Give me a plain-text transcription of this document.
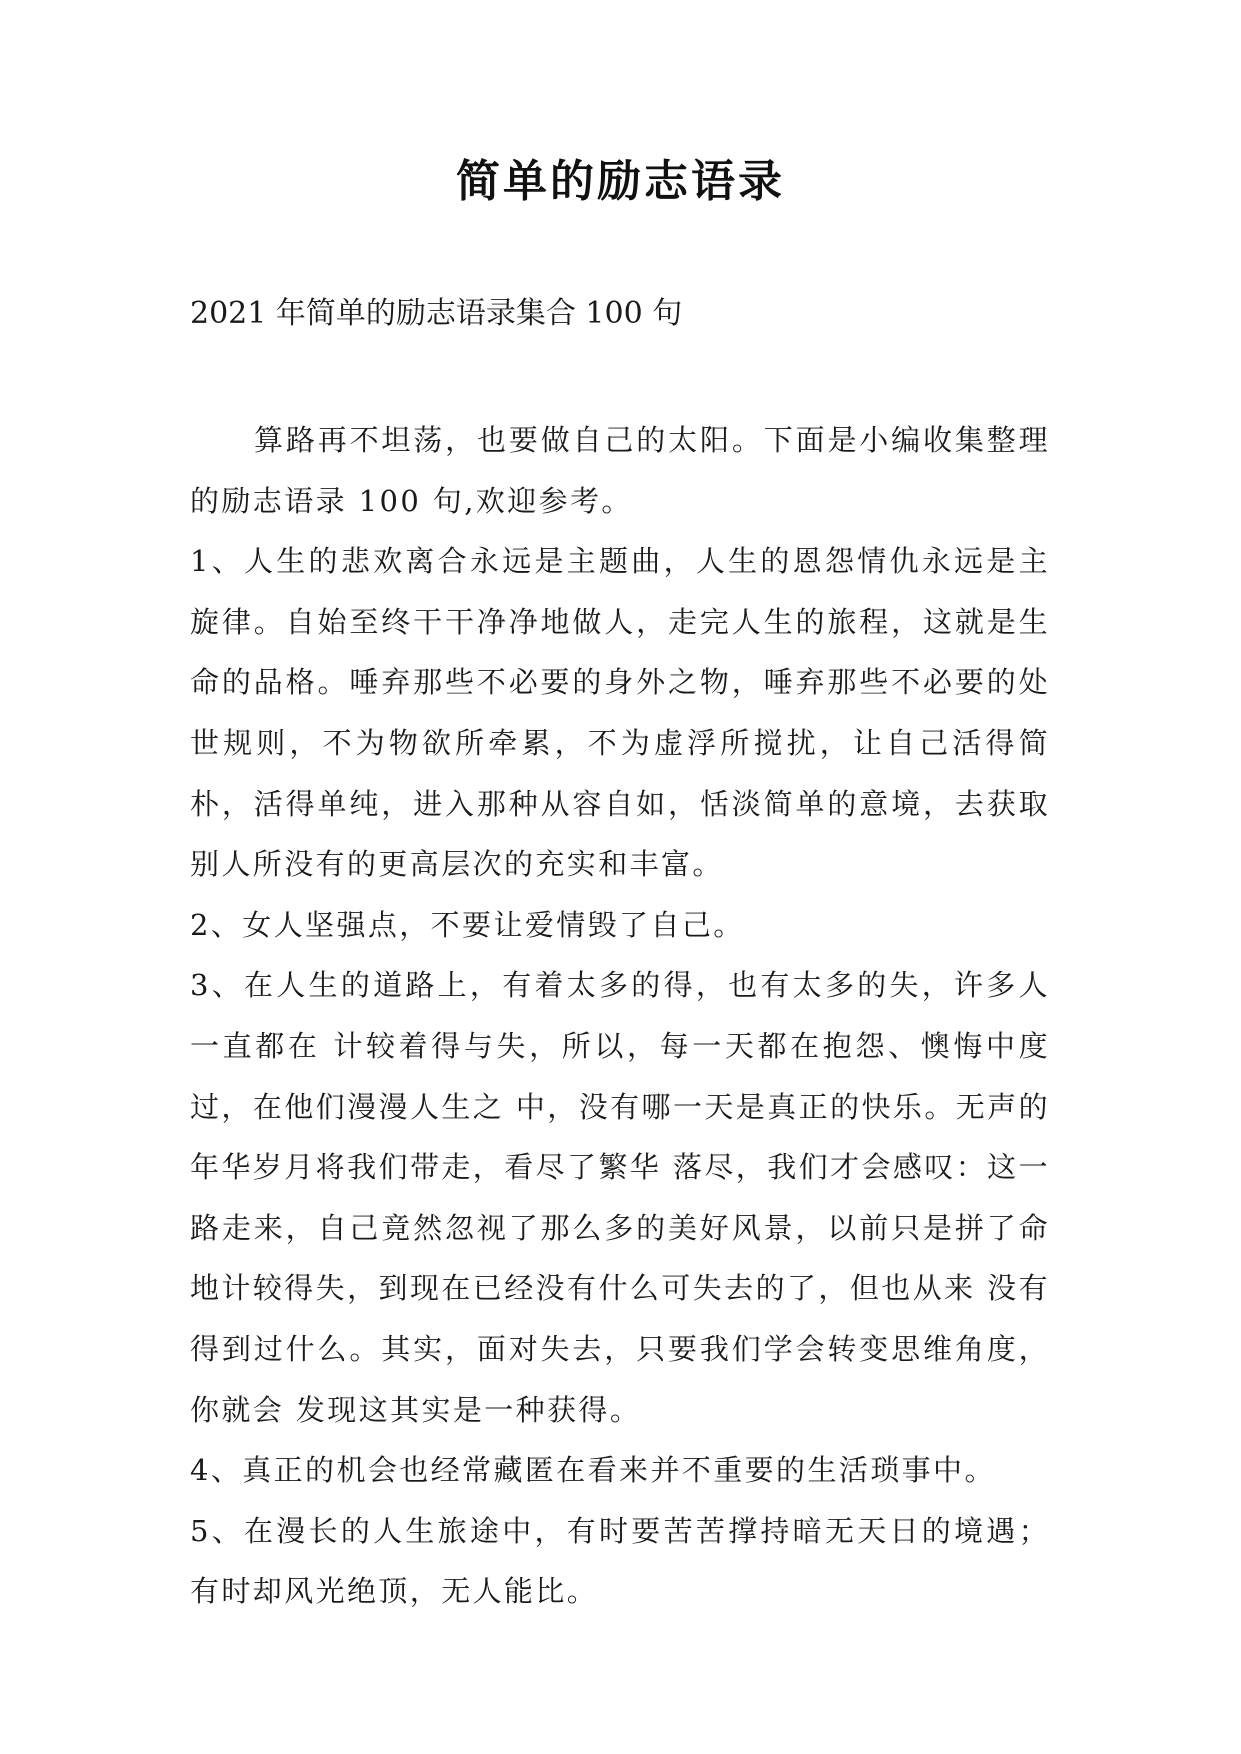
简单的励志语录
2021 年简单的励志语录集合 100 句

算路再不坦荡，也要做自己的太阳。下面是小编收集整理的励志语录 100 句,欢迎参考。

1、人生的悲欢离合永远是主题曲，人生的恩怨情仇永远是主旋律。自始至终干干净净地做人，走完人生的旅程，这就是生命的品格。唾弃那些不必要的身外之物，唾弃那些不必要的处世规则，不为物欲所牵累，不为虚浮所搅扰，让自己活得简朴，活得单纯，进入那种从容自如，恬淡简单的意境，去获取别人所没有的更高层次的充实和丰富。

2、女人坚强点，不要让爱情毁了自己。

3、在人生的道路上，有着太多的得，也有太多的失，许多人一直都在 计较着得与失，所以，每一天都在抱怨、懊悔中度过，在他们漫漫人生之 中，没有哪一天是真正的快乐。无声的年华岁月将我们带走，看尽了繁华 落尽，我们才会感叹：这一路走来，自己竟然忽视了那么多的美好风景，以前只是拼了命地计较得失，到现在已经没有什么可失去的了，但也从来 没有得到过什么。其实，面对失去，只要我们学会转变思维角度，你就会 发现这其实是一种获得。

4、真正的机会也经常藏匿在看来并不重要的生活琐事中。

5、在漫长的人生旅途中，有时要苦苦撑持暗无天日的境遇；有时却风光绝顶，无人能比。
